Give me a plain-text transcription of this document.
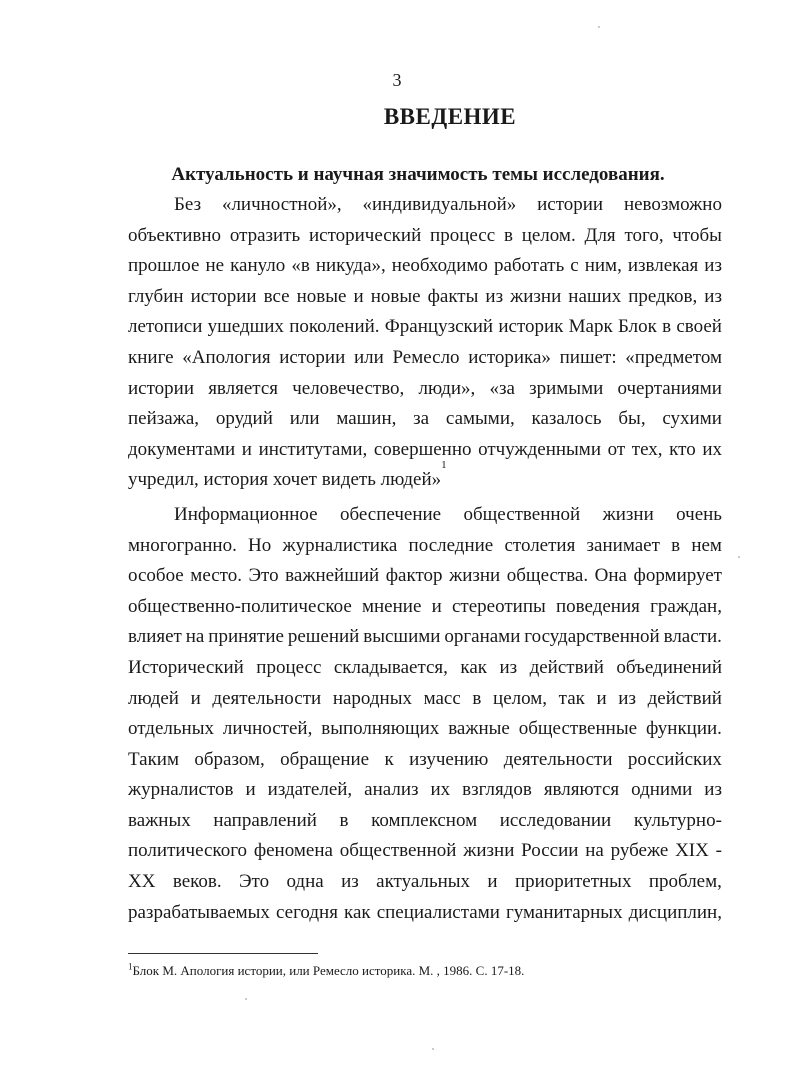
3
ВВЕДЕНИЕ
Актуальность и научная значимость темы исследования.
Без «личностной», «индивидуальной» истории невозможно
объективно отразить исторический процесс в целом. Для того, чтобы
прошлое не кануло «в никуда», необходимо работать с ним, извлекая из
глубин истории все новые и новые факты из жизни наших предков, из
летописи ушедших поколений. Французский историк Марк Блок в своей
книге «Апология истории или Ремесло историка» пишет: «предметом
истории является человечество, люди», «за зримыми очертаниями
пейзажа, орудий или машин, за самыми, казалось бы, сухими
документами и институтами, совершенно отчужденными от тех, кто их
учредил, история хочет видеть людей»
1
Информационное обеспечение общественной жизни очень
многогранно. Но журналистика последние столетия занимает в нем
особое место. Это важнейший фактор жизни общества. Она формирует
общественно-политическое мнение и стереотипы поведения граждан,
влияет на принятие решений высшими органами государственной власти.
Исторический процесс складывается, как из действий объединений
людей и деятельности народных масс в целом, так и из действий
отдельных личностей, выполняющих важные общественные функции.
Таким образом, обращение к изучению деятельности российских
журналистов и издателей, анализ их взглядов являются одними из
важных направлений в комплексном исследовании культурно-
политического феномена общественной жизни России на рубеже XIX -
XX веков. Это одна из актуальных и приоритетных проблем,
разрабатываемых сегодня как специалистами гуманитарных дисциплин,
$^1$Блок М. Апология истории, или Ремесло историка. М. , 1986. С. 17-18.
